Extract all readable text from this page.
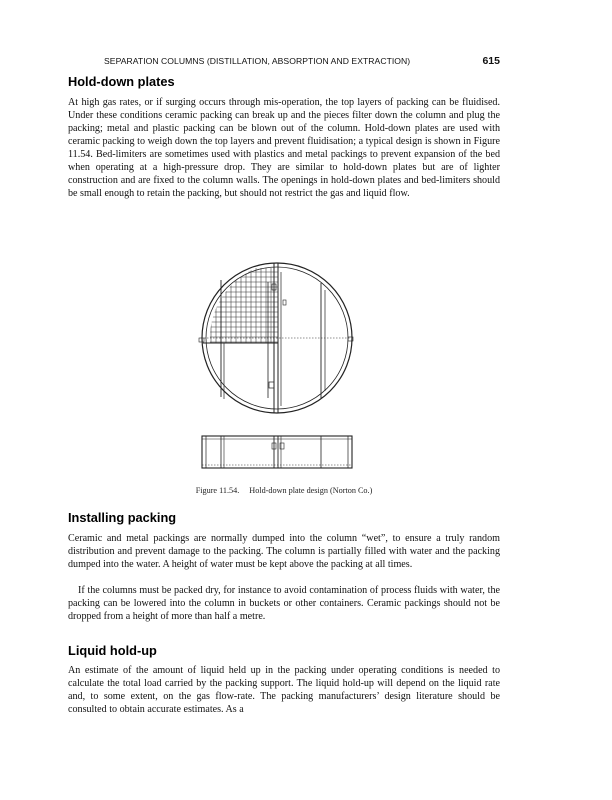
SEPARATION COLUMNS (DISTILLATION, ABSORPTION AND EXTRACTION)	615
Hold-down plates

At high gas rates, or if surging occurs through mis-operation, the top layers of packing can be fluidised. Under these conditions ceramic packing can break up and the pieces filter down the column and plug the packing; metal and plastic packing can be blown out of the column. Hold-down plates are used with ceramic packing to weigh down the top layers and prevent fluidisation; a typical design is shown in Figure 11.54. Bed-limiters are sometimes used with plastics and metal packings to prevent expansion of the bed when operating at a high-pressure drop. They are similar to hold-down plates but are of lighter construction and are fixed to the column walls. The openings in hold-down plates and bed-limiters should be small enough to retain the packing, but should not restrict the gas and liquid flow.

Figure 11.54. Hold-down plate design (Norton Co.)
Installing packing

Ceramic and metal packings are normally dumped into the column “wet”, to ensure a truly random distribution and prevent damage to the packing. The column is partially filled with water and the packing dumped into the water. A height of water must be kept above the packing at all times.

If the columns must be packed dry, for instance to avoid contamination of process fluids with water, the packing can be lowered into the column in buckets or other containers. Ceramic packings should not be dropped from a height of more than half a metre.

Liquid hold-up

An estimate of the amount of liquid held up in the packing under operating conditions is needed to calculate the total load carried by the packing support. The liquid hold-up will depend on the liquid rate and, to some extent, on the gas flow-rate. The packing manufacturers’ design literature should be consulted to obtain accurate estimates. As a
